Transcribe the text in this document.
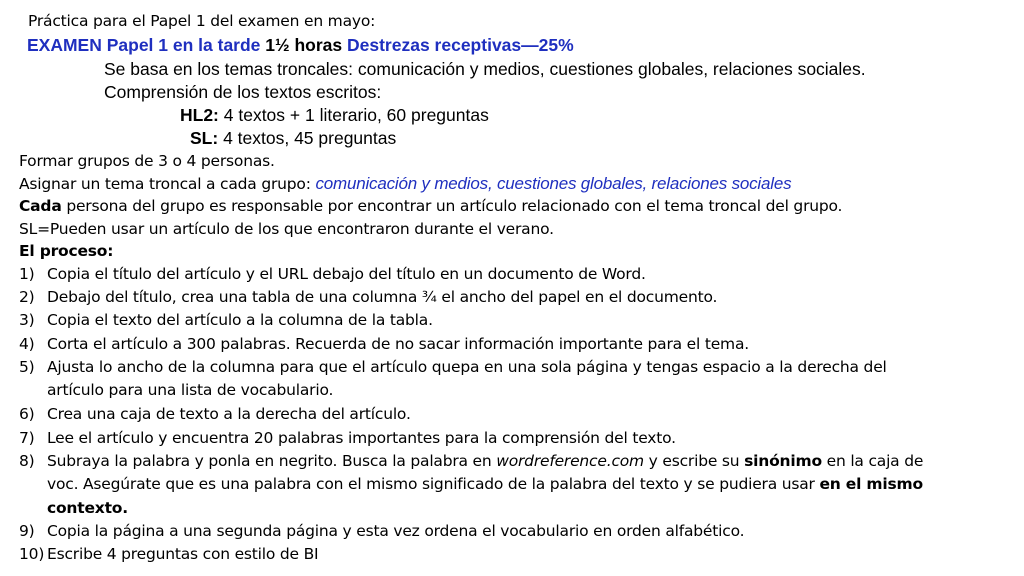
Práctica para el Papel 1 del examen en mayo:
EXAMEN Papel 1 en la tarde 1½ horas Destrezas receptivas—25%
Se basa en los temas troncales: comunicación y medios, cuestiones globales, relaciones sociales.
Comprensión de los textos escritos:
HL2: 4 textos + 1 literario, 60 preguntas
SL: 4 textos, 45 preguntas
Formar grupos de 3 o 4 personas.
Asignar un tema troncal a cada grupo: comunicación y medios, cuestiones globales, relaciones sociales
Cada persona del grupo es responsable por encontrar un artículo relacionado con el tema troncal del grupo.
SL=Pueden usar un artículo de los que encontraron durante el verano.
El proceso:
1) Copia el título del artículo y el URL debajo del título en un documento de Word.
2) Debajo del título, crea una tabla de una columna ¾ el ancho del papel en el documento.
3) Copia el texto del artículo a la columna de la tabla.
4) Corta el artículo a 300 palabras. Recuerda de no sacar información importante para el tema.
5) Ajusta lo ancho de la columna para que el artículo quepa en una sola página y tengas espacio a la derecha del
artículo para una lista de vocabulario.
6) Crea una caja de texto a la derecha del artículo.
7) Lee el artículo y encuentra 20 palabras importantes para la comprensión del texto.
8) Subraya la palabra y ponla en negrito. Busca la palabra en wordreference.com y escribe su sinónimo en la caja de
voc. Asegúrate que es una palabra con el mismo significado de la palabra del texto y se pudiera usar en el mismo
contexto.
9) Copia la página a una segunda página y esta vez ordena el vocabulario en orden alfabético.
10) Escribe 4 preguntas con estilo de BI
